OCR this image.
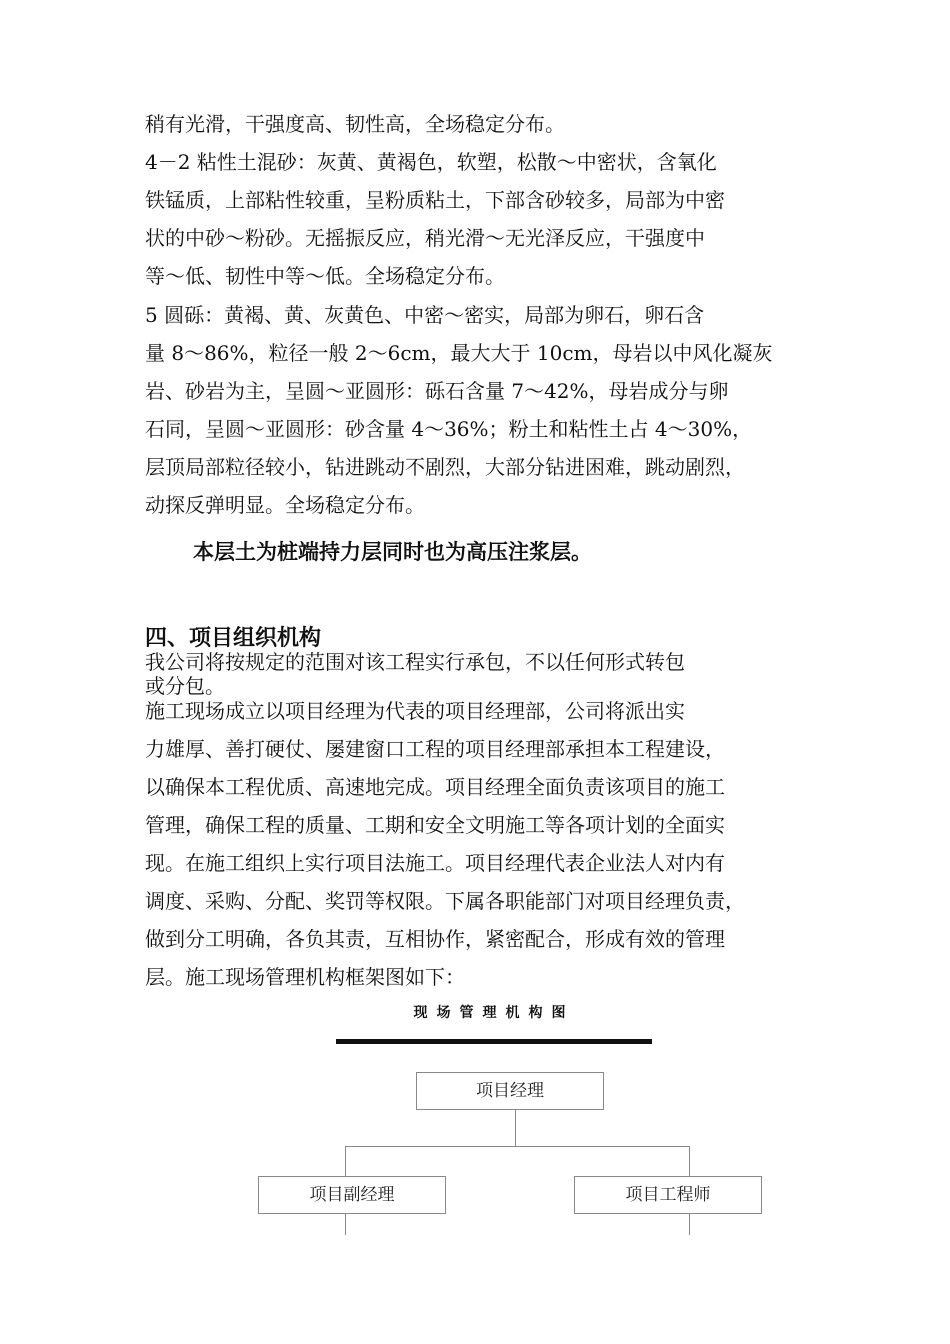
稍有光滑，干强度高、韧性高，全场稳定分布。
4－2 粘性土混砂：灰黄、黄褐色，软塑，松散～中密状，含氧化
铁锰质，上部粘性较重，呈粉质粘土，下部含砂较多，局部为中密
状的中砂～粉砂。无摇振反应，稍光滑～无光泽反应，干强度中
等～低、韧性中等～低。全场稳定分布。
5 圆砾：黄褐、黄、灰黄色、中密～密实，局部为卵石，卵石含
量 8～86%，粒径一般 2～6cm，最大大于 10cm，母岩以中风化凝灰
岩、砂岩为主，呈圆～亚圆形：砾石含量 7～42%，母岩成分与卵
石同，呈圆～亚圆形：砂含量 4～36%；粉土和粘性土占 4～30%，
层顶局部粒径较小，钻进跳动不剧烈，大部分钻进困难，跳动剧烈，
动探反弹明显。全场稳定分布。
本层土为桩端持力层同时也为高压注浆层。
四、项目组织机构
我公司将按规定的范围对该工程实行承包，不以任何形式转包
或分包。
施工现场成立以项目经理为代表的项目经理部，公司将派出实
力雄厚、善打硬仗、屡建窗口工程的项目经理部承担本工程建设，
以确保本工程优质、高速地完成。项目经理全面负责该项目的施工
管理，确保工程的质量、工期和安全文明施工等各项计划的全面实
现。在施工组织上实行项目法施工。项目经理代表企业法人对内有
调度、采购、分配、奖罚等权限。下属各职能部门对项目经理负责，
做到分工明确，各负其责，互相协作，紧密配合，形成有效的管理
层。施工现场管理机构框架图如下：
现场管理机构图
项目经理
项目副经理	项目工程师
